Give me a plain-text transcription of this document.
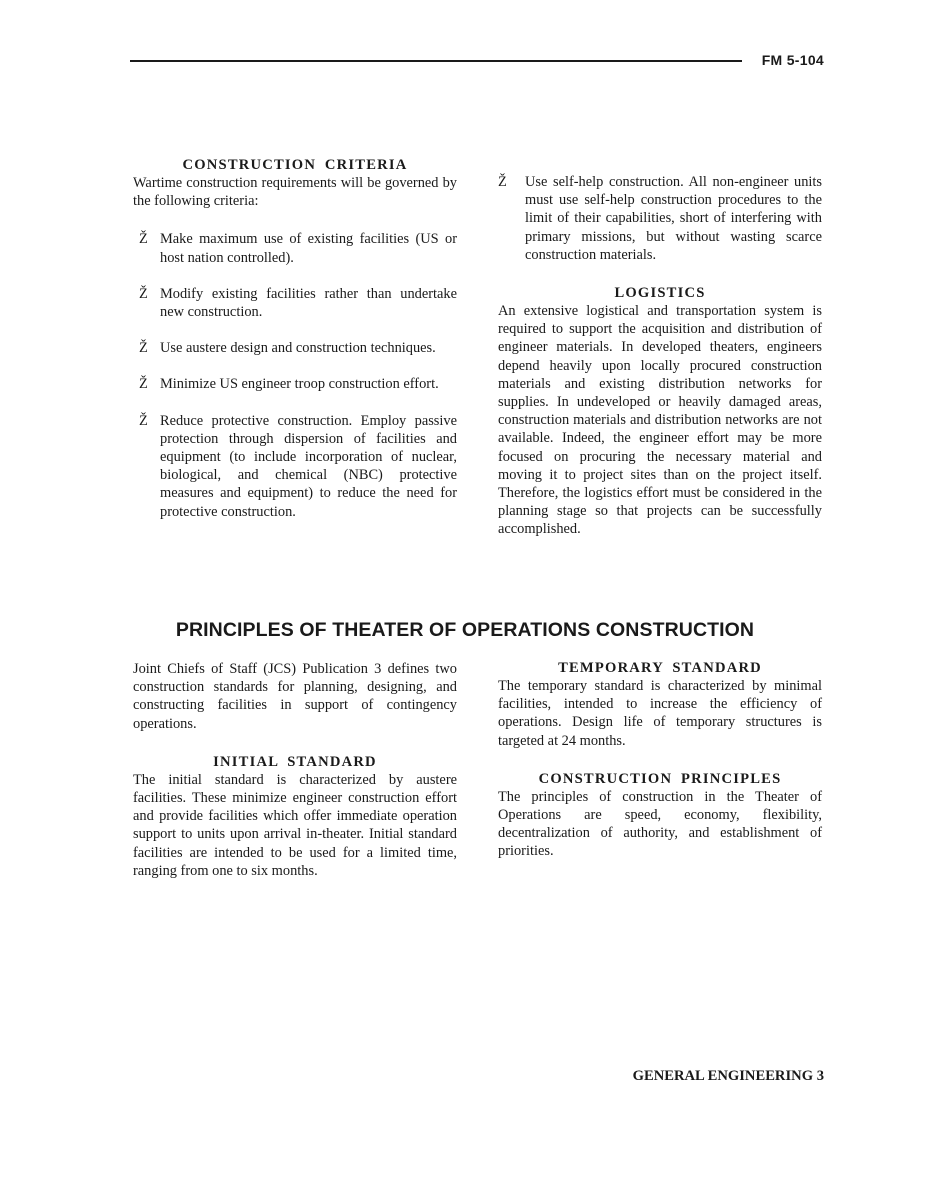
FM 5-104
CONSTRUCTION CRITERIA

Wartime construction requirements will be governed by the following criteria:

Ž Make maximum use of existing facilities (US or host nation controlled).
Ž Modify existing facilities rather than undertake new construction.
Ž Use austere design and construction techniques.
Ž Minimize US engineer troop construction effort.
Ž Reduce protective construction. Employ passive protection through dispersion of facilities and equipment (to include incorporation of nuclear, biological, and chemical (NBC) protective measures and equipment) to reduce the need for protective construction.
Ž Use self-help construction. All non-engineer units must use self-help construction procedures to the limit of their capabilities, short of interfering with primary missions, but without wasting scarce construction materials.
LOGISTICS

An extensive logistical and transportation system is required to support the acquisition and distribution of engineer materials. In developed theaters, engineers depend heavily upon locally procured construction materials and existing distribution networks for supplies. In undeveloped or heavily damaged areas, construction materials and distribution networks are not available. Indeed, the engineer effort may be more focused on procuring the necessary material and moving it to project sites than on the project itself. Therefore, the logistics effort must be considered in the planning stage so that projects can be successfully accomplished.

PRINCIPLES OF THEATER OF OPERATIONS CONSTRUCTION

Joint Chiefs of Staff (JCS) Publication 3 defines two construction standards for planning, designing, and constructing facilities in support of contingency operations.

INITIAL STANDARD

The initial standard is characterized by austere facilities. These minimize engineer construction effort and provide facilities which offer immediate operation support to units upon arrival in-theater. Initial standard facilities are intended to be used for a limited time, ranging from one to six months.

TEMPORARY STANDARD

The temporary standard is characterized by minimal facilities, intended to increase the efficiency of operations. Design life of temporary structures is targeted at 24 months.

CONSTRUCTION PRINCIPLES

The principles of construction in the Theater of Operations are speed, economy, flexibility, decentralization of authority, and establishment of priorities.

GENERAL ENGINEERING 3
